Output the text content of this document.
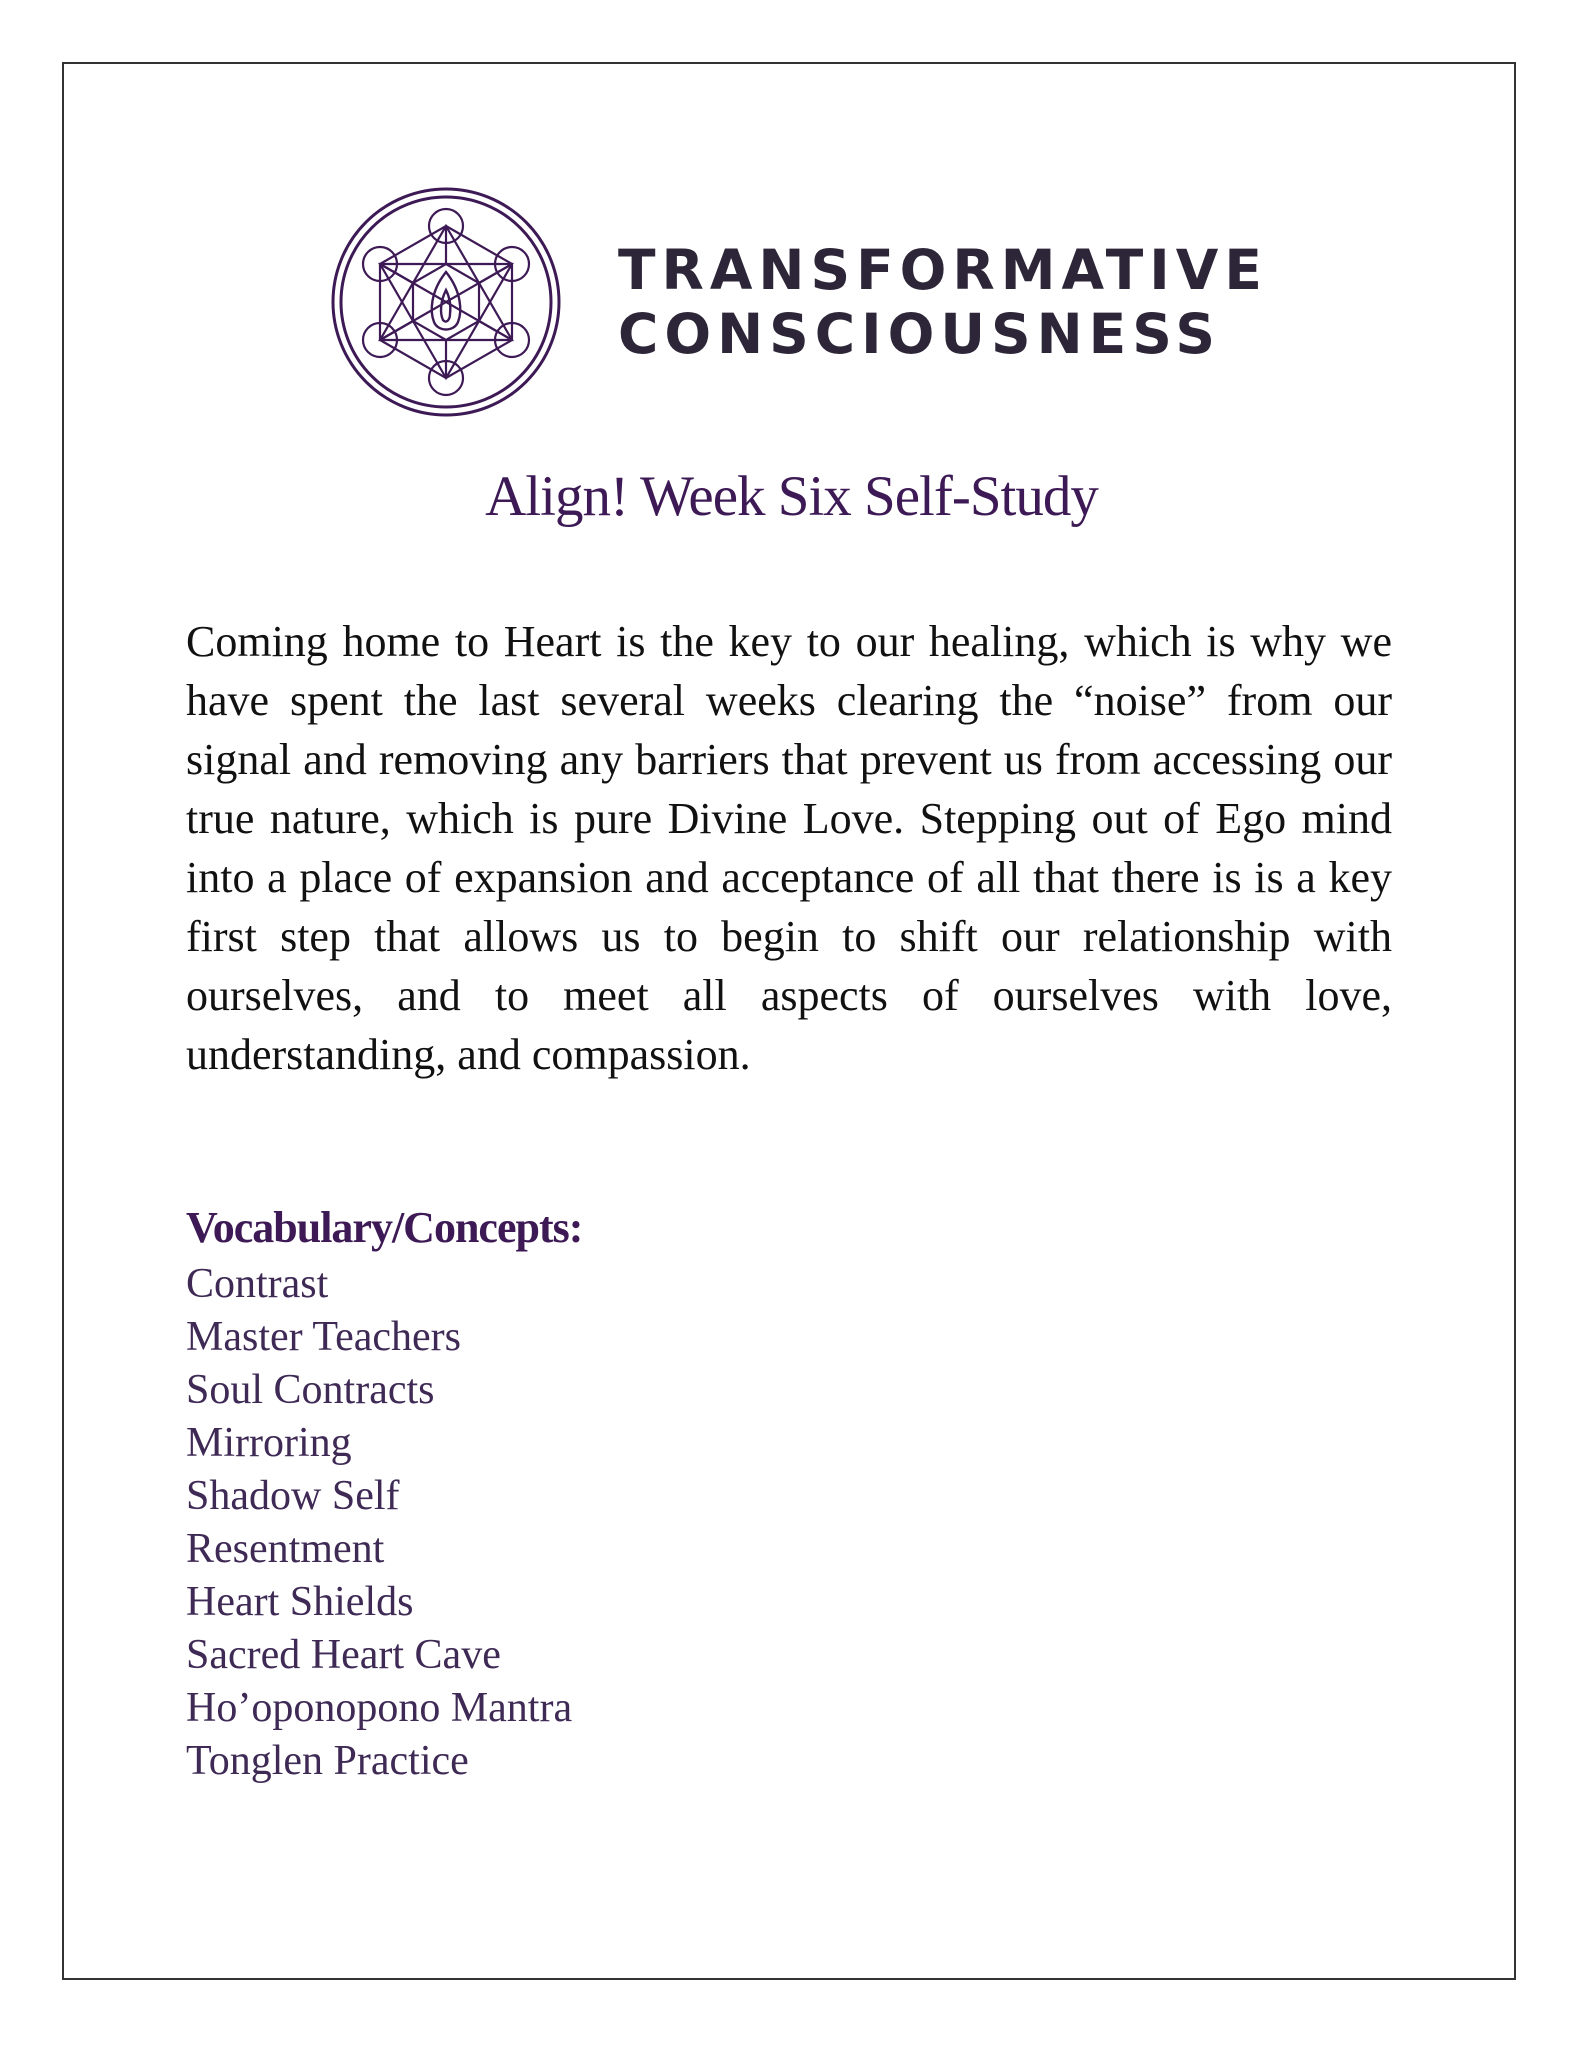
TRANSFORMATIVE
CONSCIOUSNESS
Align! Week Six Self-Study

Coming home to Heart is the key to our healing, which is why we have spent the last several weeks clearing the “noise” from our signal and removing any barriers that prevent us from accessing our true nature, which is pure Divine Love. Stepping out of Ego mind into a place of expansion and acceptance of all that there is is a key first step that allows us to begin to shift our relationship with ourselves, and to meet all aspects of ourselves with love, understanding, and compassion.

Vocabulary/Concepts:
Contrast
Master Teachers
Soul Contracts
Mirroring
Shadow Self
Resentment
Heart Shields
Sacred Heart Cave
Ho’oponopono Mantra
Tonglen Practice
